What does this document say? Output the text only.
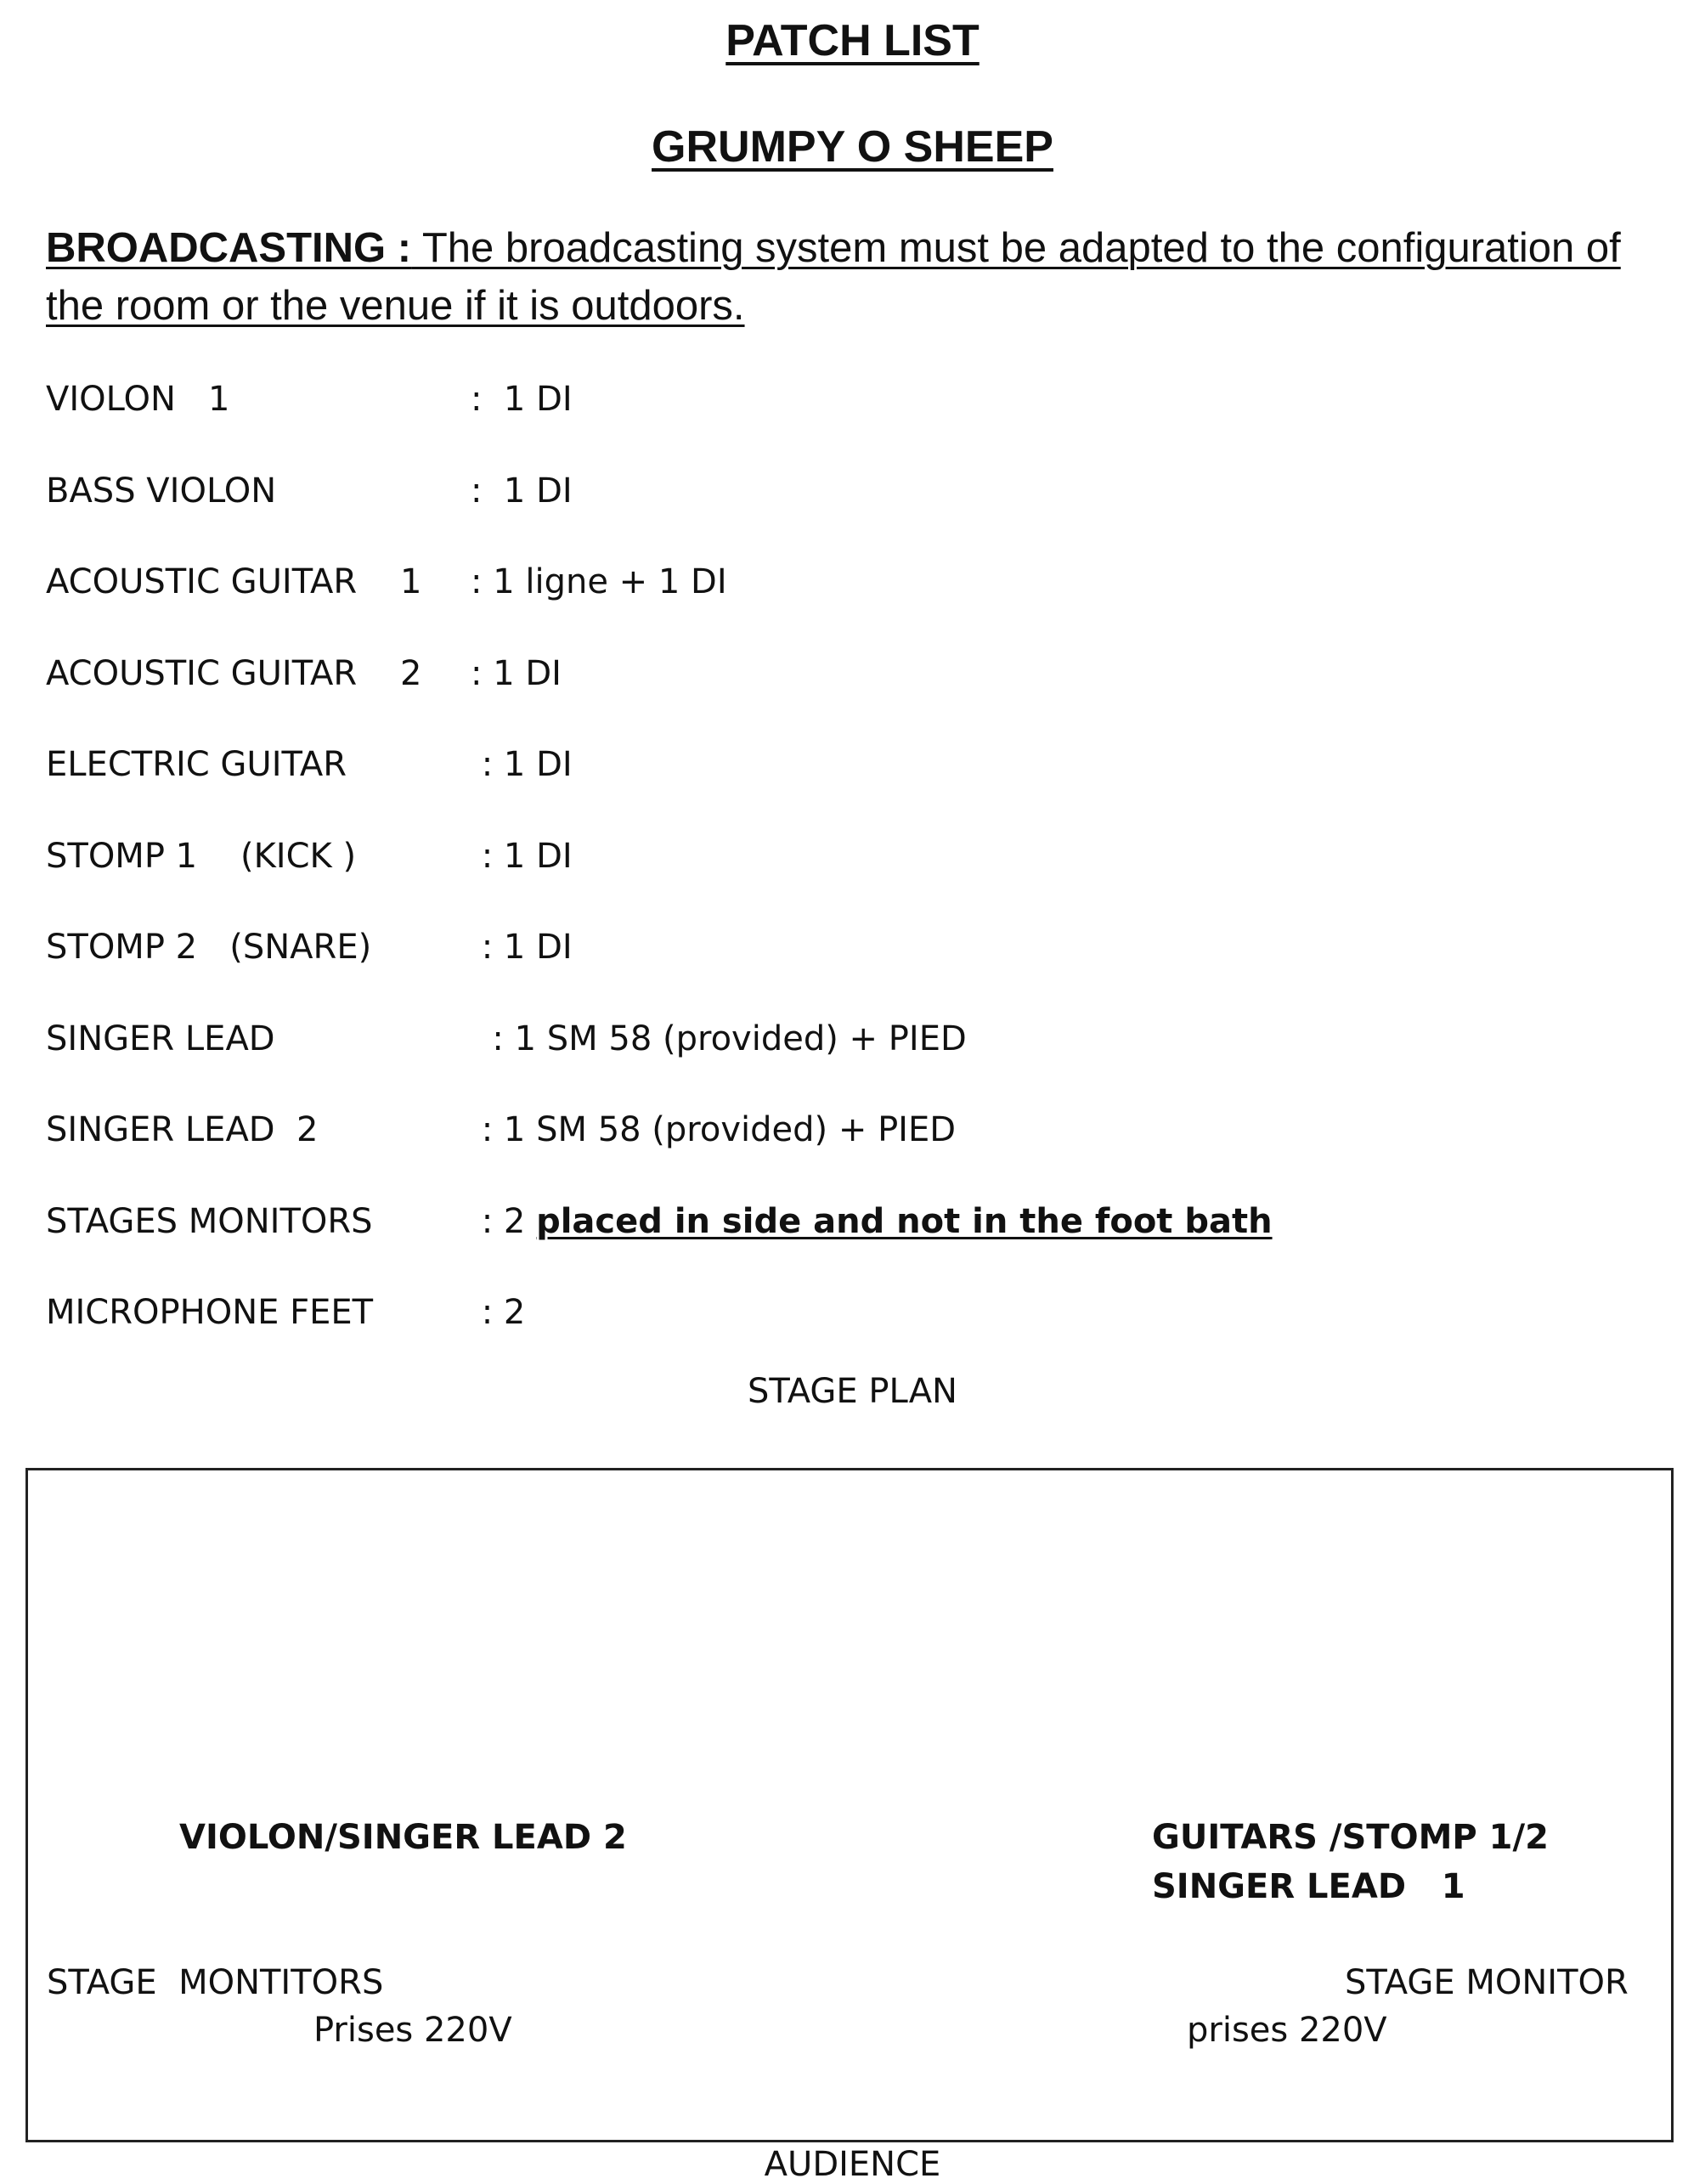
PATCH LIST
GRUMPY O SHEEP
BROADCASTING : The broadcasting system must be adapted to the configuration of the room or the venue if it is outdoors.
VIOLON   1	:  1 DI
BASS VIOLON	:  1 DI
ACOUSTIC GUITAR    1 : 1 ligne + 1 DI
ACOUSTIC GUITAR    2 : 1 DI
ELECTRIC GUITAR	: 1 DI
STOMP 1    (KICK )	: 1 DI
STOMP 2   (SNARE)	: 1 DI
SINGER LEAD	: 1 SM 58 (provided) + PIED
SINGER LEAD  2	: 1 SM 58 (provided) + PIED
STAGES MONITORS	: 2 placed in side and not in the foot bath
MICROPHONE FEET	: 2
STAGE PLAN
VIOLON/SINGER LEAD 2	GUITARS /STOMP 1/2
SINGER LEAD   1
STAGE  MONTITORS
Prises 220V
STAGE MONITOR
prises 220V
AUDIENCE
